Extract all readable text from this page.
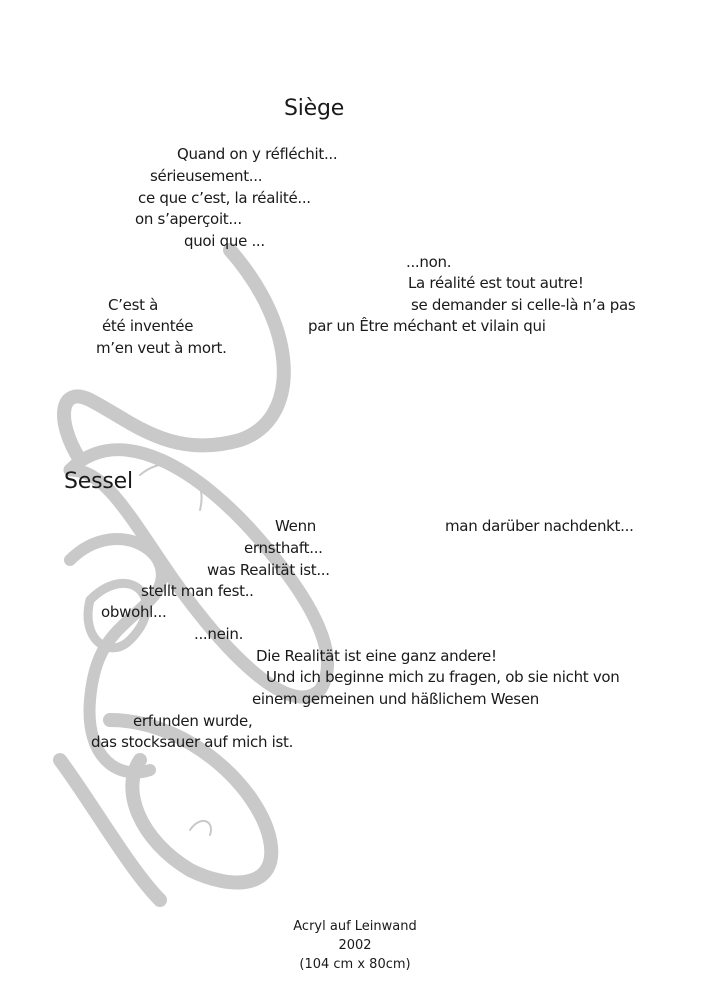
Siège
Quand on y réfléchit...
sérieusement...
ce que c’est, la réalité...
on s’aperçoit...
quoi que ...
...non.
La réalité est tout autre!
C’est à	se demander si celle-là n’a pas
été inventée	par un Être méchant et vilain qui
m’en veut à mort.
Sessel
Wenn	man darüber nachdenkt...
ernsthaft...
was Realität ist...
stellt man fest..
obwohl...
...nein.
Die Realität ist eine ganz andere!
Und ich beginne mich zu fragen, ob sie nicht von
einem gemeinen und häßlichem Wesen
erfunden wurde,
das stocksauer auf mich ist.
Acryl auf Leinwand
2002
(104 cm x 80cm)
